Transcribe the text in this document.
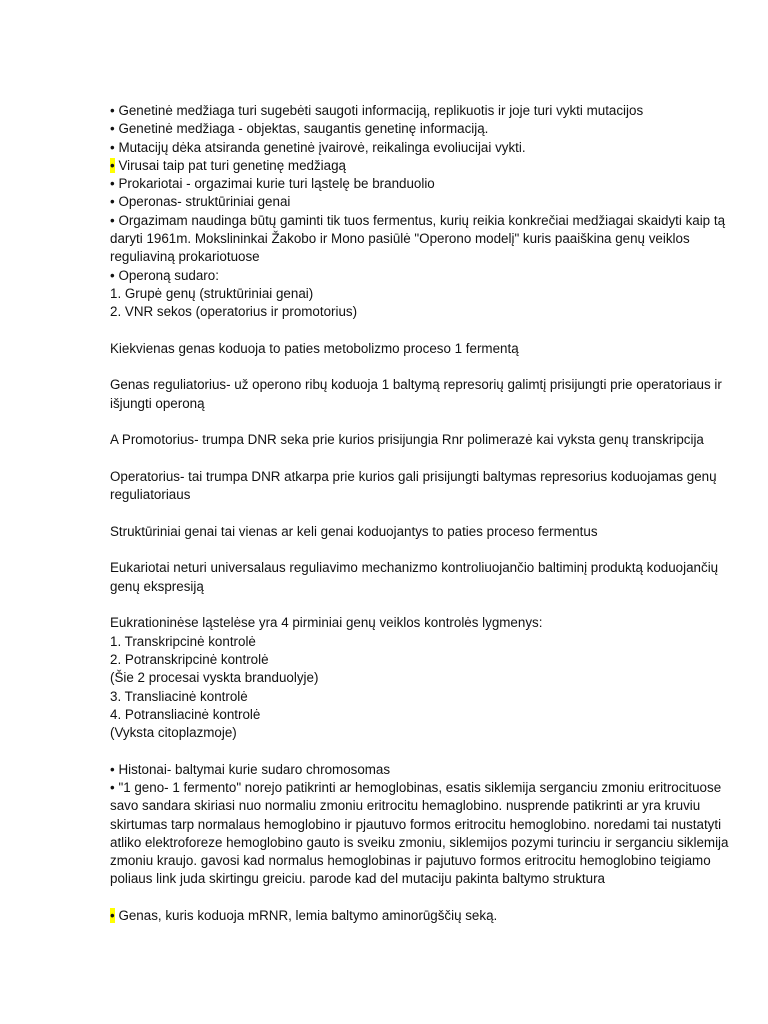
• Genetinė medžiaga turi sugebėti saugoti informaciją, replikuotis ir joje turi vykti mutacijos

• Genetinė medžiaga - objektas, saugantis genetinę informaciją.

• Mutacijų dėka atsiranda genetinė įvairovė, reikalinga evoliucijai vykti.

• Virusai taip pat turi genetinę medžiagą

• Prokariotai - orgazimai kurie turi ląstelę be branduolio

• Operonas- struktūriniai genai

• Orgazimam naudinga būtų gaminti tik tuos fermentus, kurių reikia konkrečiai medžiagai skaidyti kaip tą daryti 1961m. Mokslininkai Žakobo ir Mono pasiūlė "Operono modelį" kuris paaiškina genų veiklos reguliaviną prokariotuose

• Operoną sudaro:

1. Grupė genų (struktūriniai genai)

2. VNR sekos (operatorius ir promotorius)

Kiekvienas genas koduoja to paties metobolizmo proceso 1 fermentą

Genas reguliatorius- už operono ribų koduoja 1 baltymą represorių galimtį prisijungti prie operatoriaus ir išjungti operoną

A Promotorius- trumpa DNR seka prie kurios prisijungia Rnr polimerazė kai vyksta genų transkripcija

Operatorius- tai trumpa DNR atkarpa prie kurios gali prisijungti baltymas represorius koduojamas genų reguliatoriaus

Struktūriniai genai tai vienas ar keli genai koduojantys to paties proceso fermentus

Eukariotai neturi universalaus reguliavimo mechanizmo kontroliuojančio baltiminį produktą koduojančių genų ekspresiją

Eukrationinėse ląstelėse yra 4 pirminiai genų veiklos kontrolės lygmenys:

1. Transkripcinė kontrolė

2. Potranskripcinė kontrolė

(Šie 2 procesai vyskta branduolyje)

3. Transliacinė kontrolė

4. Potransliacinė kontrolė

(Vyksta citoplazmoje)

• Histonai- baltymai kurie sudaro chromosomas

• "1 geno- 1 fermento" norejo patikrinti ar hemoglobinas, esatis siklemija serganciu zmoniu eritrocituose savo sandara skiriasi nuo normaliu zmoniu eritrocitu hemaglobino. nusprende patikrinti ar yra kruviu skirtumas tarp normalaus hemoglobino ir pjautuvo formos eritrocitu hemoglobino. noredami tai nustatyti atliko elektroforeze hemoglobino gauto is sveiku zmoniu, siklemijos pozymi turinciu ir serganciu siklemija zmoniu kraujo. gavosi kad normalus hemoglobinas ir pajutuvo formos eritrocitu hemoglobino teigiamo poliaus link juda skirtingu greiciu. parode kad del mutaciju pakinta baltymo struktura

• Genas, kuris koduoja mRNR, lemia baltymo aminorūgščių seką.
